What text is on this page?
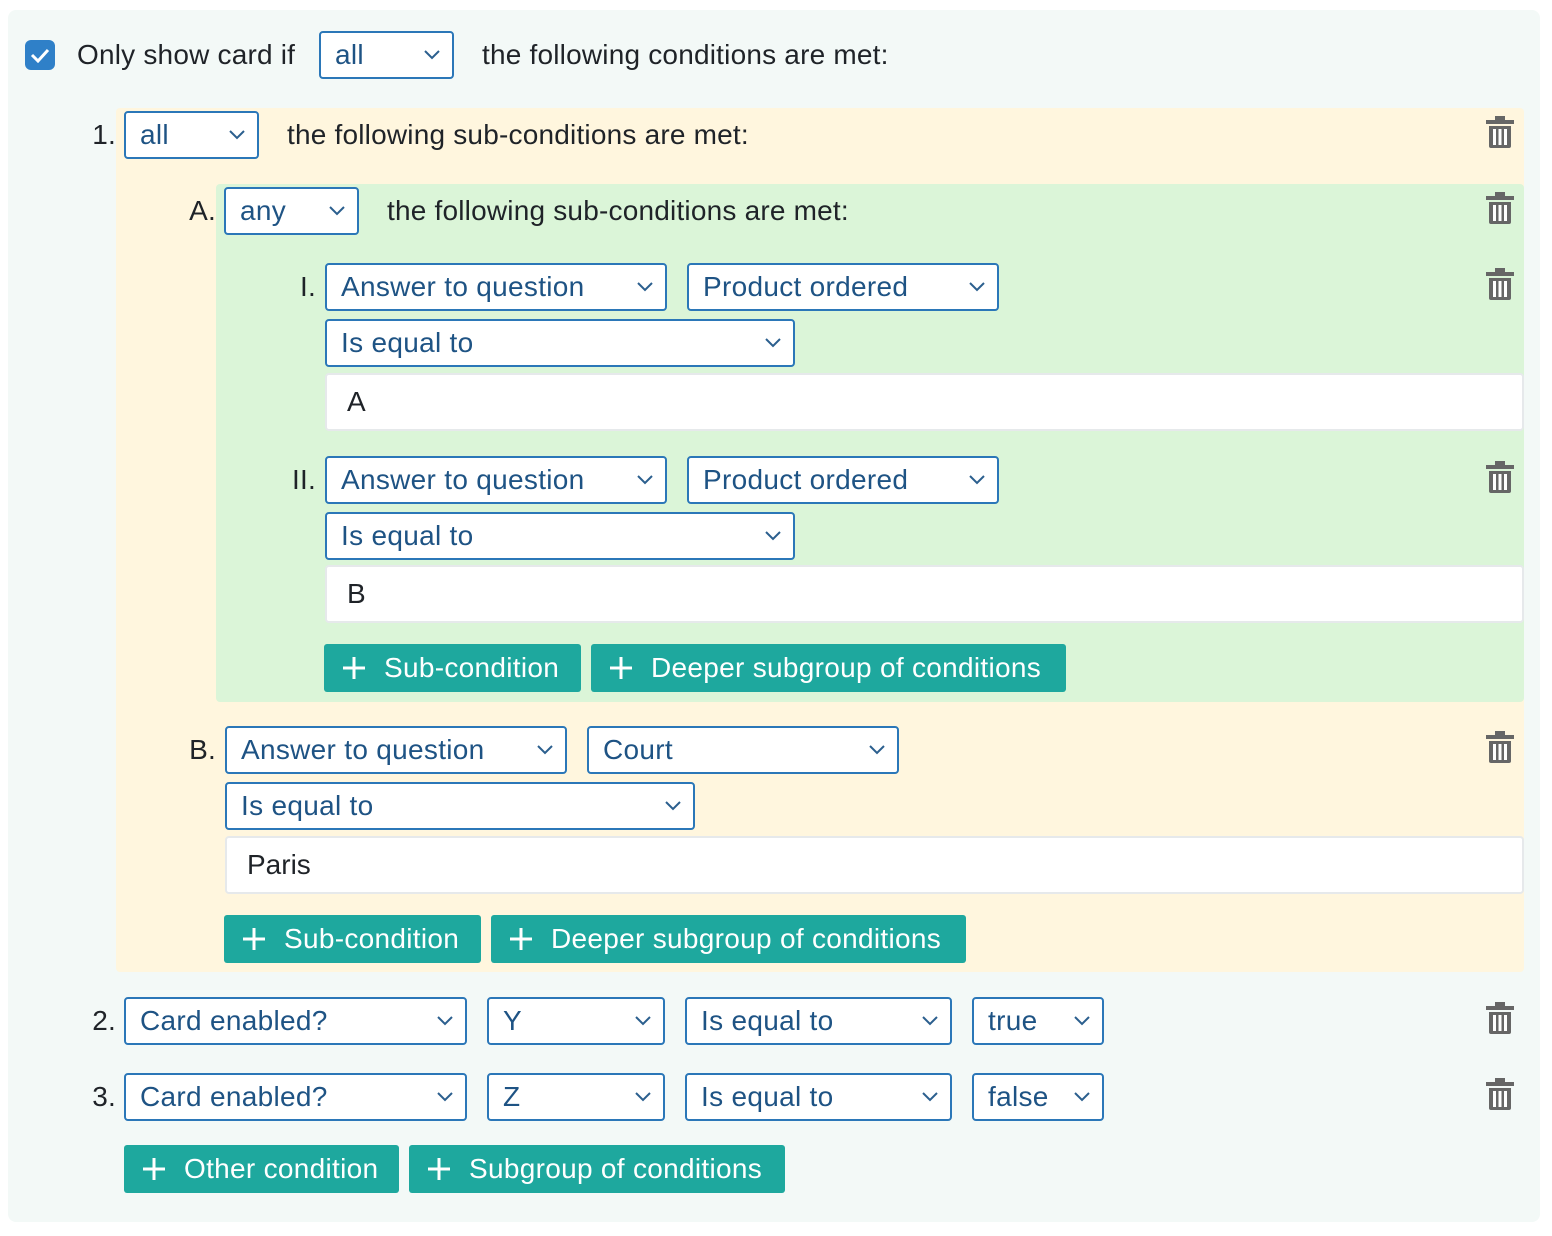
Only show card if	all	the following conditions are met:
1. all	the following sub-conditions are met:
A. any	the following sub-conditions are met:
I. Answer to question	Product ordered
Is equal to
A
II. Answer to question	Product ordered
Is equal to
B
Sub-condition	Deeper subgroup of conditions
B. Answer to question	Court
Is equal to
Paris
Sub-condition	Deeper subgroup of conditions
2. Card enabled?	Y	Is equal to	true
3. Card enabled?	Z	Is equal to	false
Other condition	Subgroup of conditions
